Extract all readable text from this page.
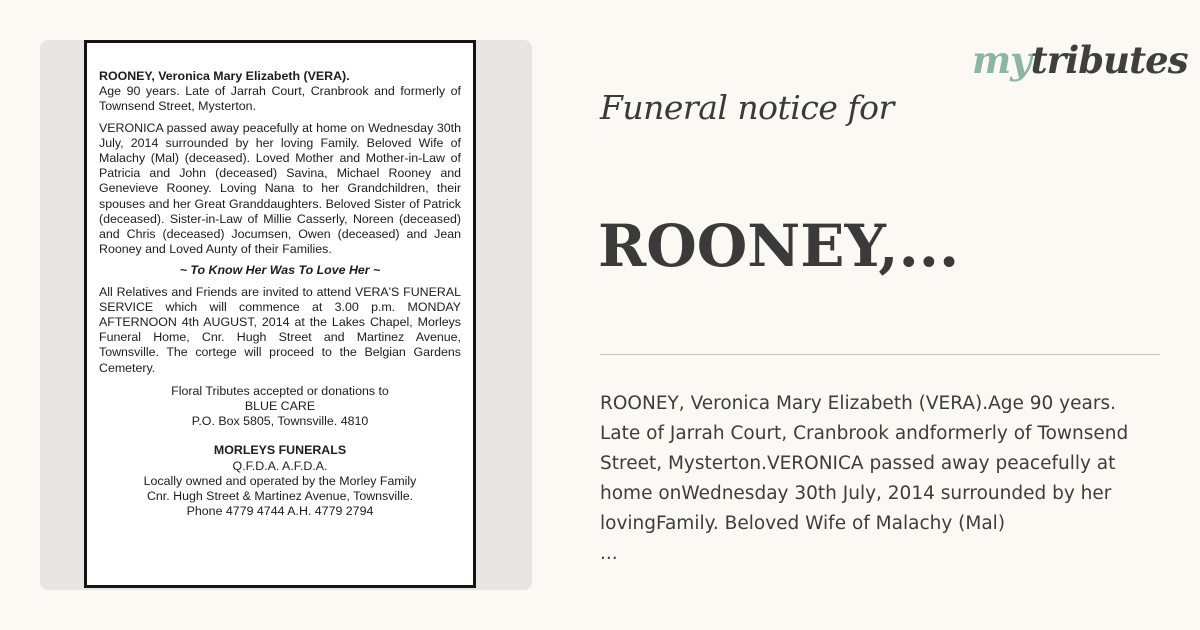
ROONEY, Veronica Mary Elizabeth (VERA).

Age 90 years. Late of Jarrah Court, Cranbrook and formerly of Townsend Street, Mysterton.

VERONICA passed away peacefully at home on Wednesday 30th July, 2014 surrounded by her loving Family. Beloved Wife of Malachy (Mal) (deceased). Loved Mother and Mother-in-Law of Patricia and John (deceased) Savina, Michael Rooney and Genevieve Rooney. Loving Nana to her Grandchildren, their spouses and her Great Granddaughters. Beloved Sister of Patrick (deceased). Sister-in-Law of Millie Casserly, Noreen (deceased) and Chris (deceased) Jocumsen, Owen (deceased) and Jean Rooney and Loved Aunty of their Families.

~ To Know Her Was To Love Her ~

All Relatives and Friends are invited to attend VERA'S FUNERAL SERVICE which will commence at 3.00 p.m. MONDAY AFTERNOON 4th AUGUST, 2014 at the Lakes Chapel, Morleys Funeral Home, Cnr. Hugh Street and Martinez Avenue, Townsville. The cortege will proceed to the Belgian Gardens Cemetery.

Floral Tributes accepted or donations to

BLUE CARE

P.O. Box 5805, Townsville. 4810

MORLEYS FUNERALS

Q.F.D.A. A.F.D.A.

Locally owned and operated by the Morley Family

Cnr. Hugh Street & Martinez Avenue, Townsville.

Phone 4779 4744 A.H. 4779 2794

mytributes
Funeral notice for
ROONEY,...

ROONEY, Veronica Mary Elizabeth (VERA).Age 90 years.
Late of Jarrah Court, Cranbrook andformerly of Townsend
Street, Mysterton.VERONICA passed away peacefully at
home onWednesday 30th July, 2014 surrounded by her
lovingFamily. Beloved Wife of Malachy (Mal)
...
